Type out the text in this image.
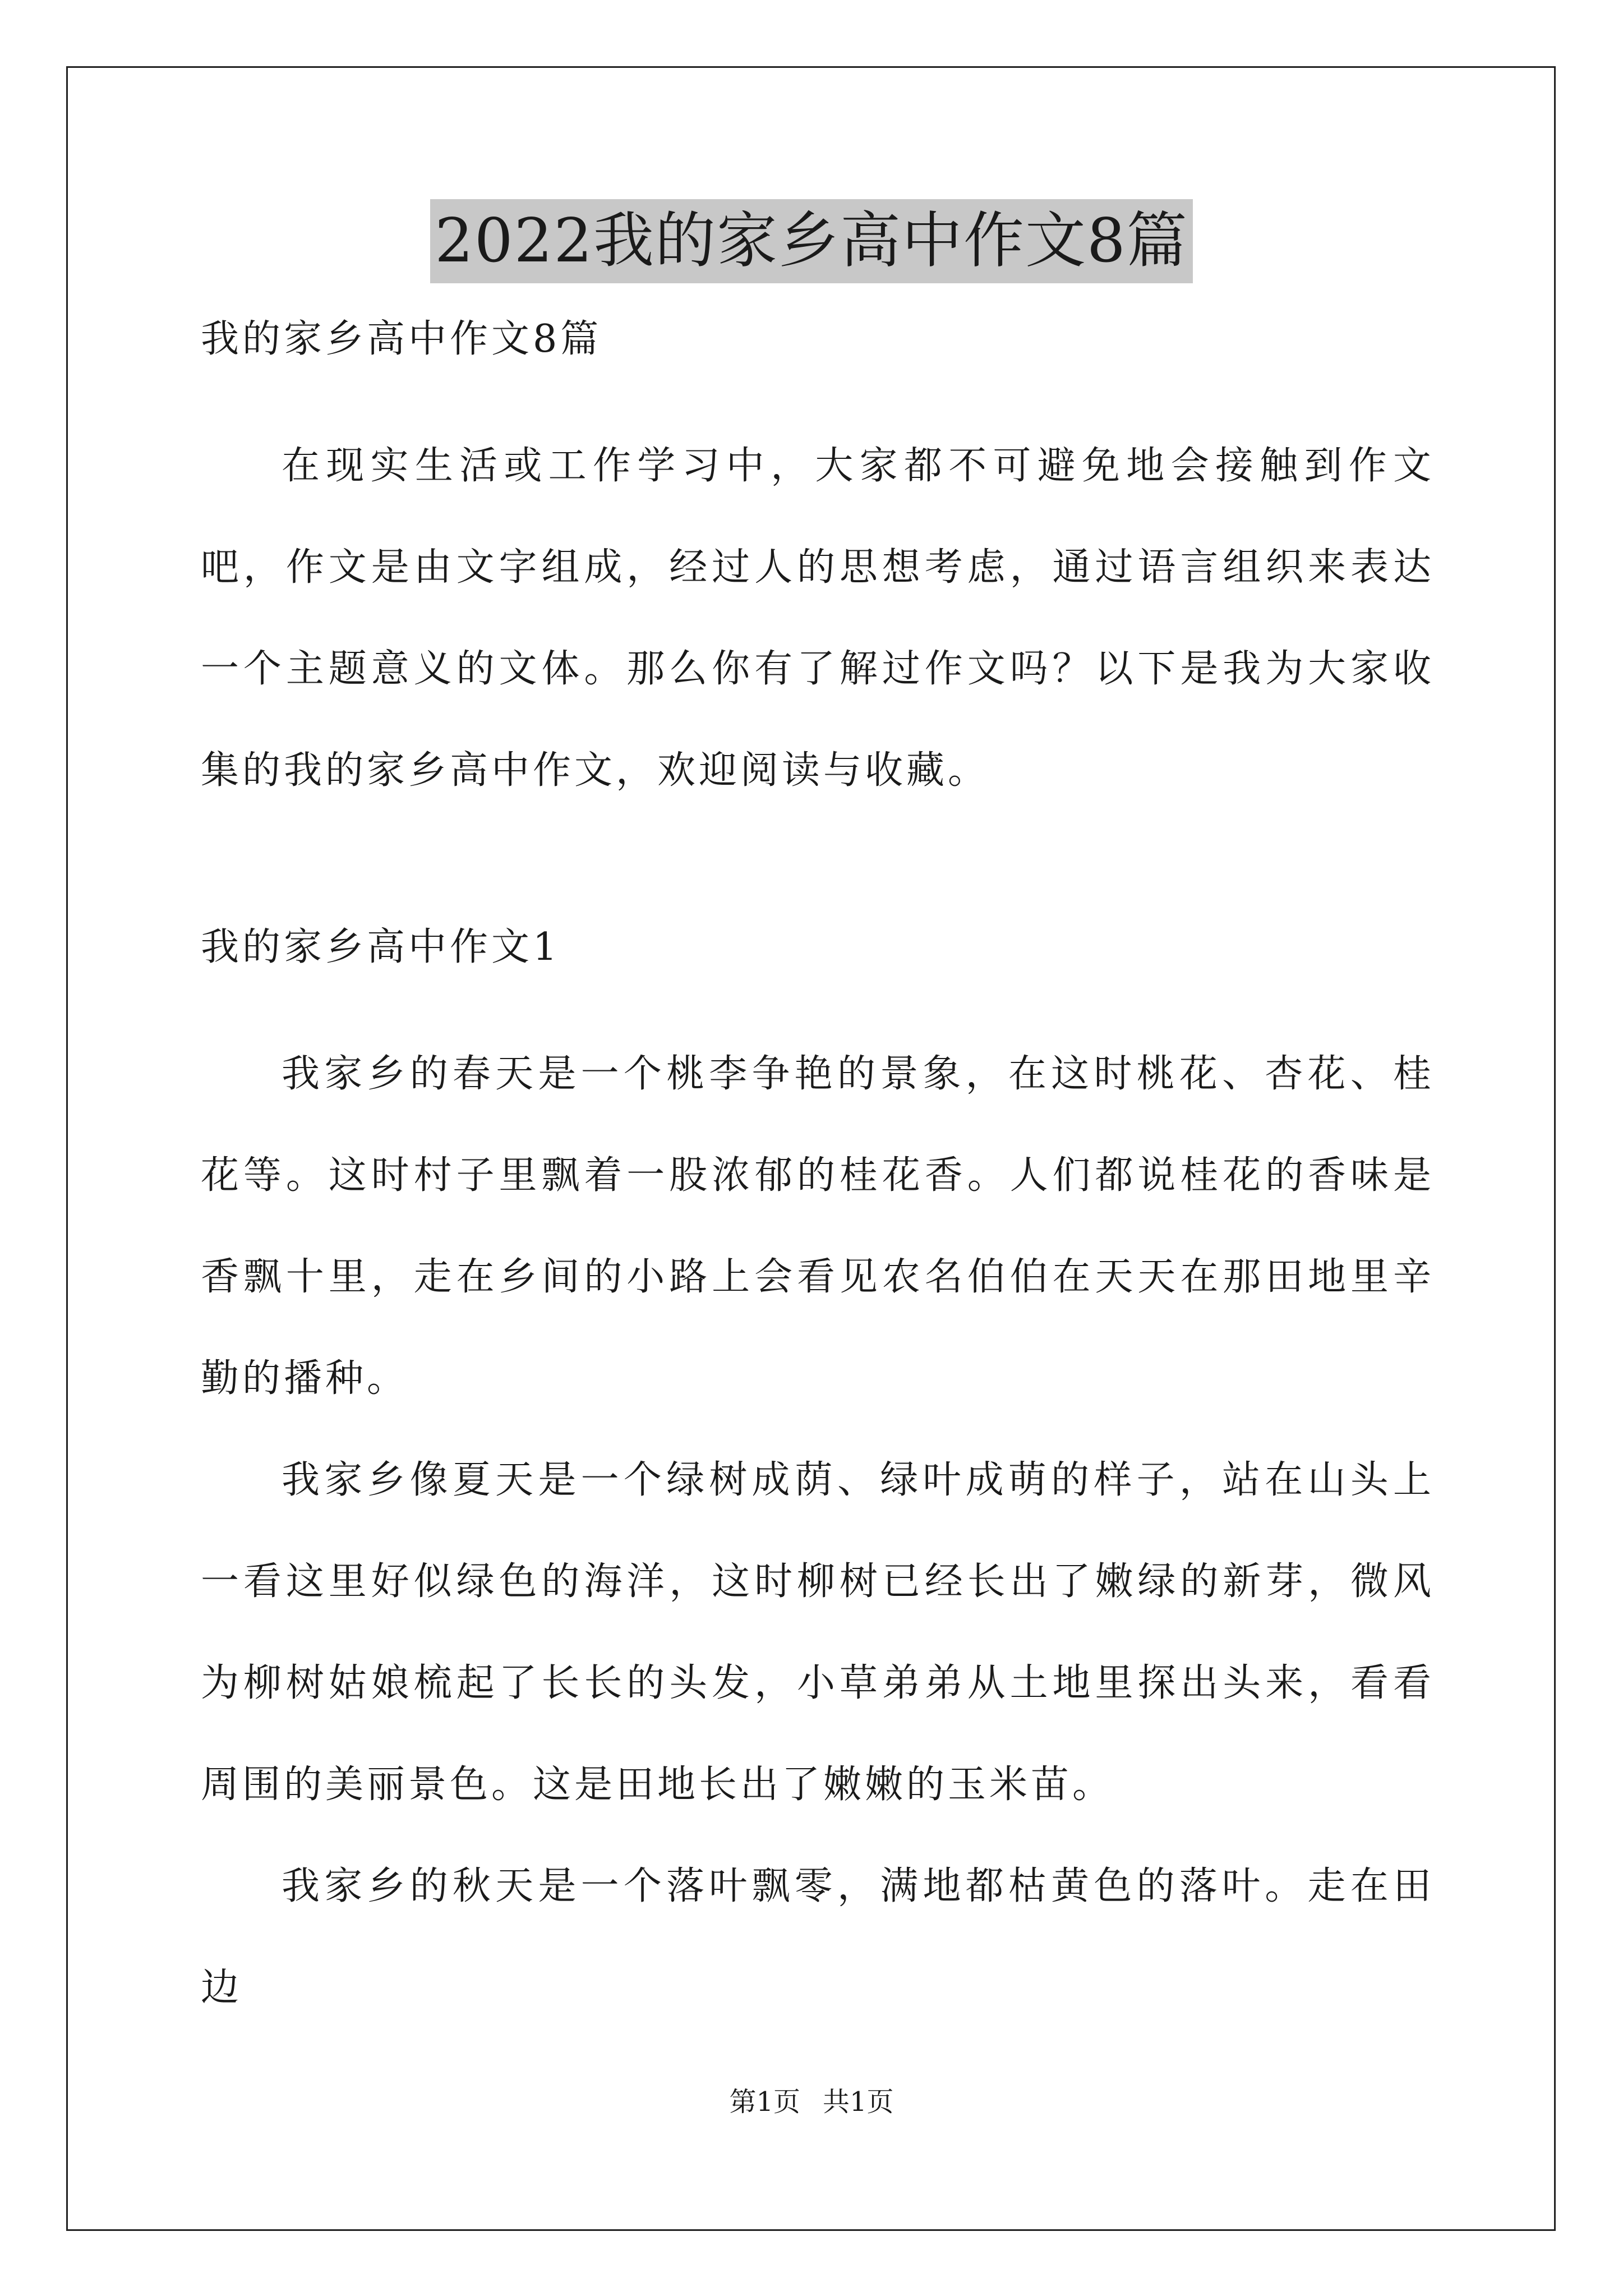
2022我的家乡高中作文8篇

我的家乡高中作文8篇

在现实生活或工作学习中，大家都不可避免地会接触到作文吧，作文是由文字组成，经过人的思想考虑，通过语言组织来表达一个主题意义的文体。那么你有了解过作文吗？以下是我为大家收集的我的家乡高中作文，欢迎阅读与收藏。

我的家乡高中作文1

我家乡的春天是一个桃李争艳的景象，在这时桃花、杏花、桂花等。这时村子里飘着一股浓郁的桂花香。人们都说桂花的香味是香飘十里，走在乡间的小路上会看见农名伯伯在天天在那田地里辛勤的播种。

我家乡像夏天是一个绿树成荫、绿叶成萌的样子，站在山头上一看这里好似绿色的海洋，这时柳树已经长出了嫩绿的新芽，微风为柳树姑娘梳起了长长的头发，小草弟弟从土地里探出头来，看看周围的美丽景色。这是田地长出了嫩嫩的玉米苗。

我家乡的秋天是一个落叶飘零，满地都枯黄色的落叶。走在田边

第1页 共1页
